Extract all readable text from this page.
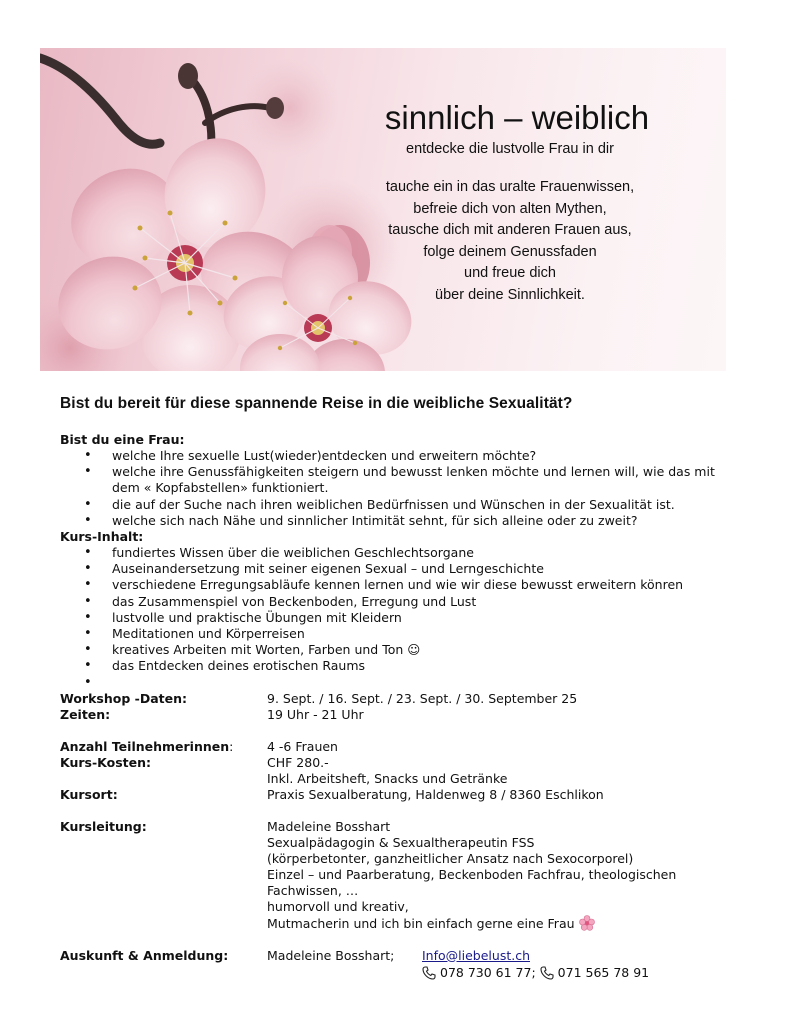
sinnlich – weiblich
entdecke die lustvolle Frau in dir
tauche ein in das uralte Frauenwissen,
befreie dich von alten Mythen,
tausche dich mit anderen Frauen aus,
folge deinem Genussfaden
und freue dich
über deine Sinnlichkeit.
Bist du bereit für diese spannende Reise in die weibliche Sexualität?
Bist du eine Frau:
• welche Ihre sexuelle Lust(wieder)entdecken und erweitern möchte?
• welche ihre Genussfähigkeiten steigern und bewusst lenken möchte und lernen will, wie das mit
dem « Kopfabstellen» funktioniert.
• die auf der Suche nach ihren weiblichen Bedürfnissen und Wünschen in der Sexualität ist.
• welche sich nach Nähe und sinnlicher Intimität sehnt, für sich alleine oder zu zweit?
Kurs-Inhalt:
• fundiertes Wissen über die weiblichen Geschlechtsorgane
• Auseinandersetzung mit seiner eigenen Sexual – und Lerngeschichte
• verschiedene Erregungsabläufe kennen lernen und wie wir diese bewusst erweitern könren
• das Zusammenspiel von Beckenboden, Erregung und Lust
• lustvolle und praktische Übungen mit Kleidern
• Meditationen und Körperreisen
• kreatives Arbeiten mit Worten, Farben und Ton ☺
• das Entdecken deines erotischen Raums
•
Workshop -Daten:	9. Sept. / 16. Sept. / 23. Sept. / 30. September 25
Zeiten:	19 Uhr - 21 Uhr
Anzahl Teilnehmerinnen:	4 -6 Frauen
Kurs-Kosten:	CHF 280.-
Inkl. Arbeitsheft, Snacks und Getränke
Kursort:	Praxis Sexualberatung, Haldenweg 8 / 8360 Eschlikon
Kursleitung:	Madeleine Bosshart
Sexualpädagogin & Sexualtherapeutin FSS
(körperbetonter, ganzheitlicher Ansatz nach Sexocorporel)
Einzel – und Paarberatung, Beckenboden Fachfrau, theologischen
Fachwissen, …
humorvoll und kreativ,
Mutmacherin und ich bin einfach gerne eine Frau
Auskunft & Anmeldung:	Madeleine Bosshart;	Info@liebelust.ch
078 730 61 77; 071 565 78 91
